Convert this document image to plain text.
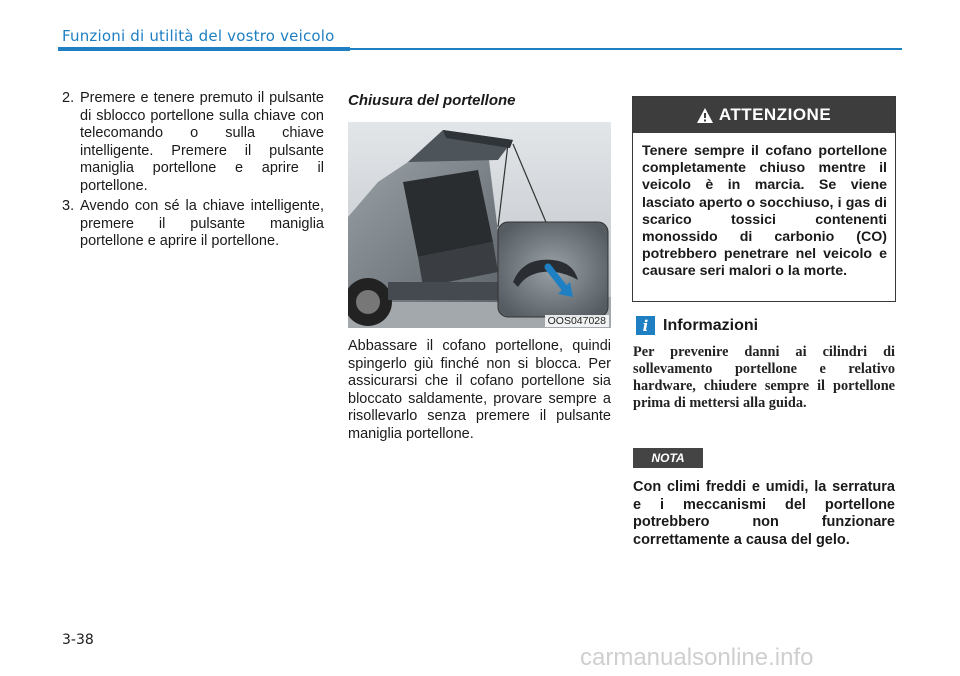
Funzioni di utilità del vostro veicolo
2. Premere e tenere premuto il pulsante di sblocco portellone sulla chiave con telecomando o sulla chiave intelligente. Premere il pulsante maniglia portellone e aprire il portellone.
3. Avendo con sé la chiave intelligente, premere il pulsante maniglia portellone e aprire il portellone.
Chiusura del portellone
OOS047028
Abbassare il cofano portellone, quindi spingerlo giù finché non si blocca. Per assicurarsi che il cofano portellone sia bloccato saldamente, provare sempre a risollevarlo senza premere il pulsante maniglia portellone.
ATTENZIONE
Tenere sempre il cofano portellone completamente chiuso mentre il veicolo è in marcia. Se viene lasciato aperto o socchiuso, i gas di scarico tossici contenenti monossido di carbonio (CO) potrebbero penetrare nel veicolo e causare seri malori o la morte.
i Informazioni
Per prevenire danni ai cilindri di sollevamento portellone e relativo hardware, chiudere sempre il portellone prima di mettersi alla guida.
NOTA
Con climi freddi e umidi, la serratura e i meccanismi del portellone potrebbero non funzionare correttamente a causa del gelo.
3-38
carmanualsonline.info
